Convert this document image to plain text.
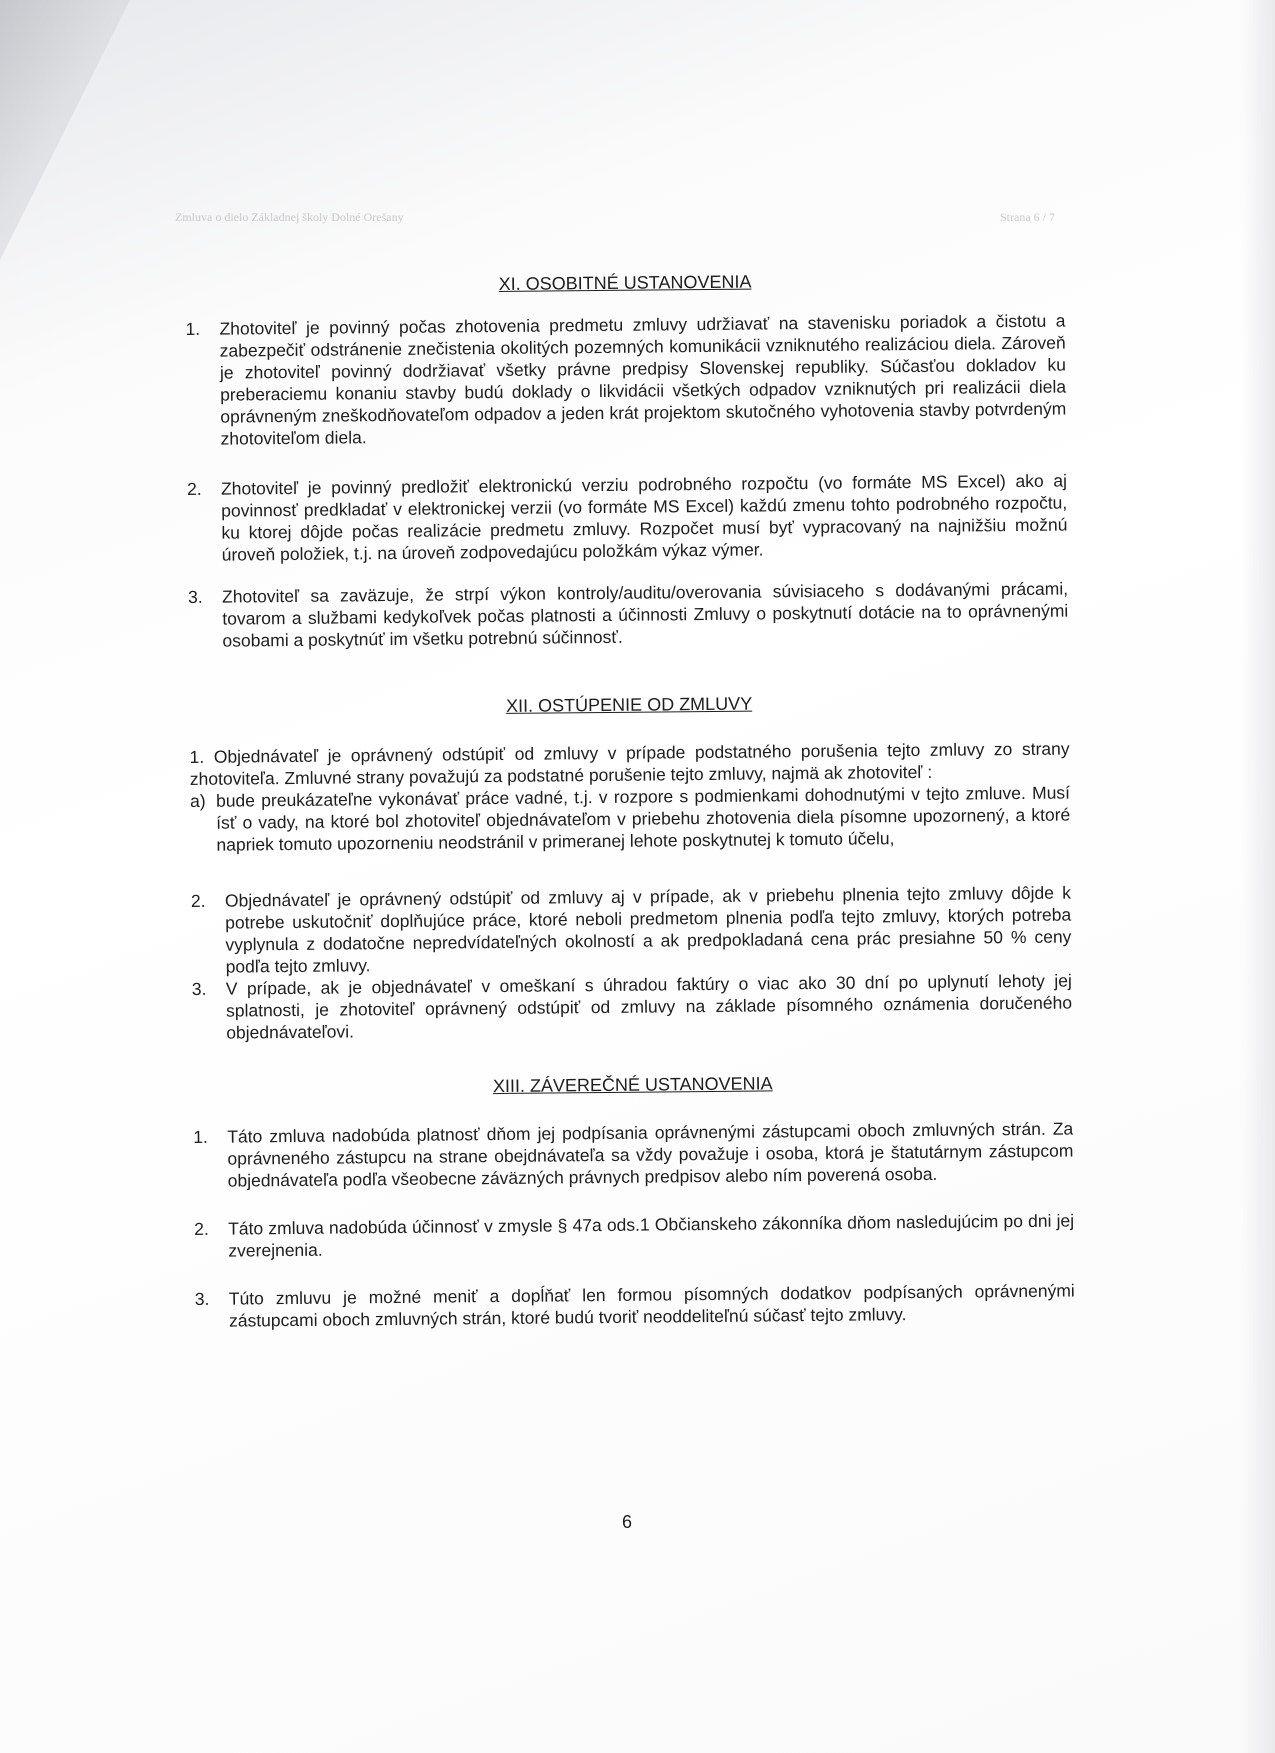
Zmluva o dielo Základnej školy Dolné Orešany	Strana 6 / 7
XI. OSOBITNÉ USTANOVENIA
1.	Zhotoviteľ je povinný počas zhotovenia predmetu zmluvy udržiavať na stavenisku poriadok a čistotu a zabezpečiť odstránenie znečistenia okolitých pozemných komunikácii vzniknutého realizáciou diela. Zároveň je zhotoviteľ povinný dodržiavať všetky právne predpisy Slovenskej republiky. Súčasťou dokladov ku preberaciemu konaniu stavby budú doklady o likvidácii všetkých odpadov vzniknutých pri realizácii diela oprávneným zneškodňovateľom odpadov a jeden krát projektom skutočného vyhotovenia stavby potvrdeným zhotoviteľom diela.
2.	Zhotoviteľ je povinný predložiť elektronickú verziu podrobného rozpočtu (vo formáte MS Excel) ako aj povinnosť predkladať v elektronickej verzii (vo formáte MS Excel) každú zmenu tohto podrobného rozpočtu, ku ktorej dôjde počas realizácie predmetu zmluvy. Rozpočet musí byť vypracovaný na najnižšiu možnú úroveň položiek, t.j. na úroveň zodpovedajúcu položkám výkaz výmer.
3.	Zhotoviteľ sa zaväzuje, že strpí výkon kontroly/auditu/overovania súvisiaceho s dodávanými prácami, tovarom a službami kedykoľvek počas platnosti a účinnosti Zmluvy o poskytnutí dotácie na to oprávnenými osobami a poskytnúť im všetku potrebnú súčinnosť.
XII. OSTÚPENIE OD ZMLUVY
1. Objednávateľ je oprávnený odstúpiť od zmluvy v prípade podstatného porušenia tejto zmluvy zo strany zhotoviteľa. Zmluvné strany považujú za podstatné porušenie tejto zmluvy, najmä ak zhotoviteľ :
a) bude preukázateľne vykonávať práce vadné, t.j. v rozpore s podmienkami dohodnutými v tejto zmluve. Musí ísť o vady, na ktoré bol zhotoviteľ objednávateľom v priebehu zhotovenia diela písomne upozornený, a ktoré napriek tomuto upozorneniu neodstránil v primeranej lehote poskytnutej k tomuto účelu,
2.	Objednávateľ je oprávnený odstúpiť od zmluvy aj v prípade, ak v priebehu plnenia tejto zmluvy dôjde k potrebe uskutočniť doplňujúce práce, ktoré neboli predmetom plnenia podľa tejto zmluvy, ktorých potreba vyplynula z dodatočne nepredvídateľných okolností a ak predpokladaná cena prác presiahne 50 % ceny podľa tejto zmluvy.
3.	V prípade, ak je objednávateľ v omeškaní s úhradou faktúry o viac ako 30 dní po uplynutí lehoty jej splatnosti, je zhotoviteľ oprávnený odstúpiť od zmluvy na základe písomného oznámenia doručeného objednávateľovi.
XIII. ZÁVEREČNÉ USTANOVENIA
1.	Táto zmluva nadobúda platnosť dňom jej podpísania oprávnenými zástupcami oboch zmluvných strán. Za oprávneného zástupcu na strane obejdnávateľa sa vždy považuje i osoba, ktorá je štatutárnym zástupcom objednávateľa podľa všeobecne záväzných právnych predpisov alebo ním poverená osoba.
2.	Táto zmluva nadobúda účinnosť v zmysle § 47a ods.1 Občianskeho zákonníka dňom nasledujúcim po dni jej zverejnenia.
3.	Túto zmluvu je možné meniť a dopĺňať len formou písomných dodatkov podpísaných oprávnenými zástupcami oboch zmluvných strán, ktoré budú tvoriť neoddeliteľnú súčasť tejto zmluvy.
6
